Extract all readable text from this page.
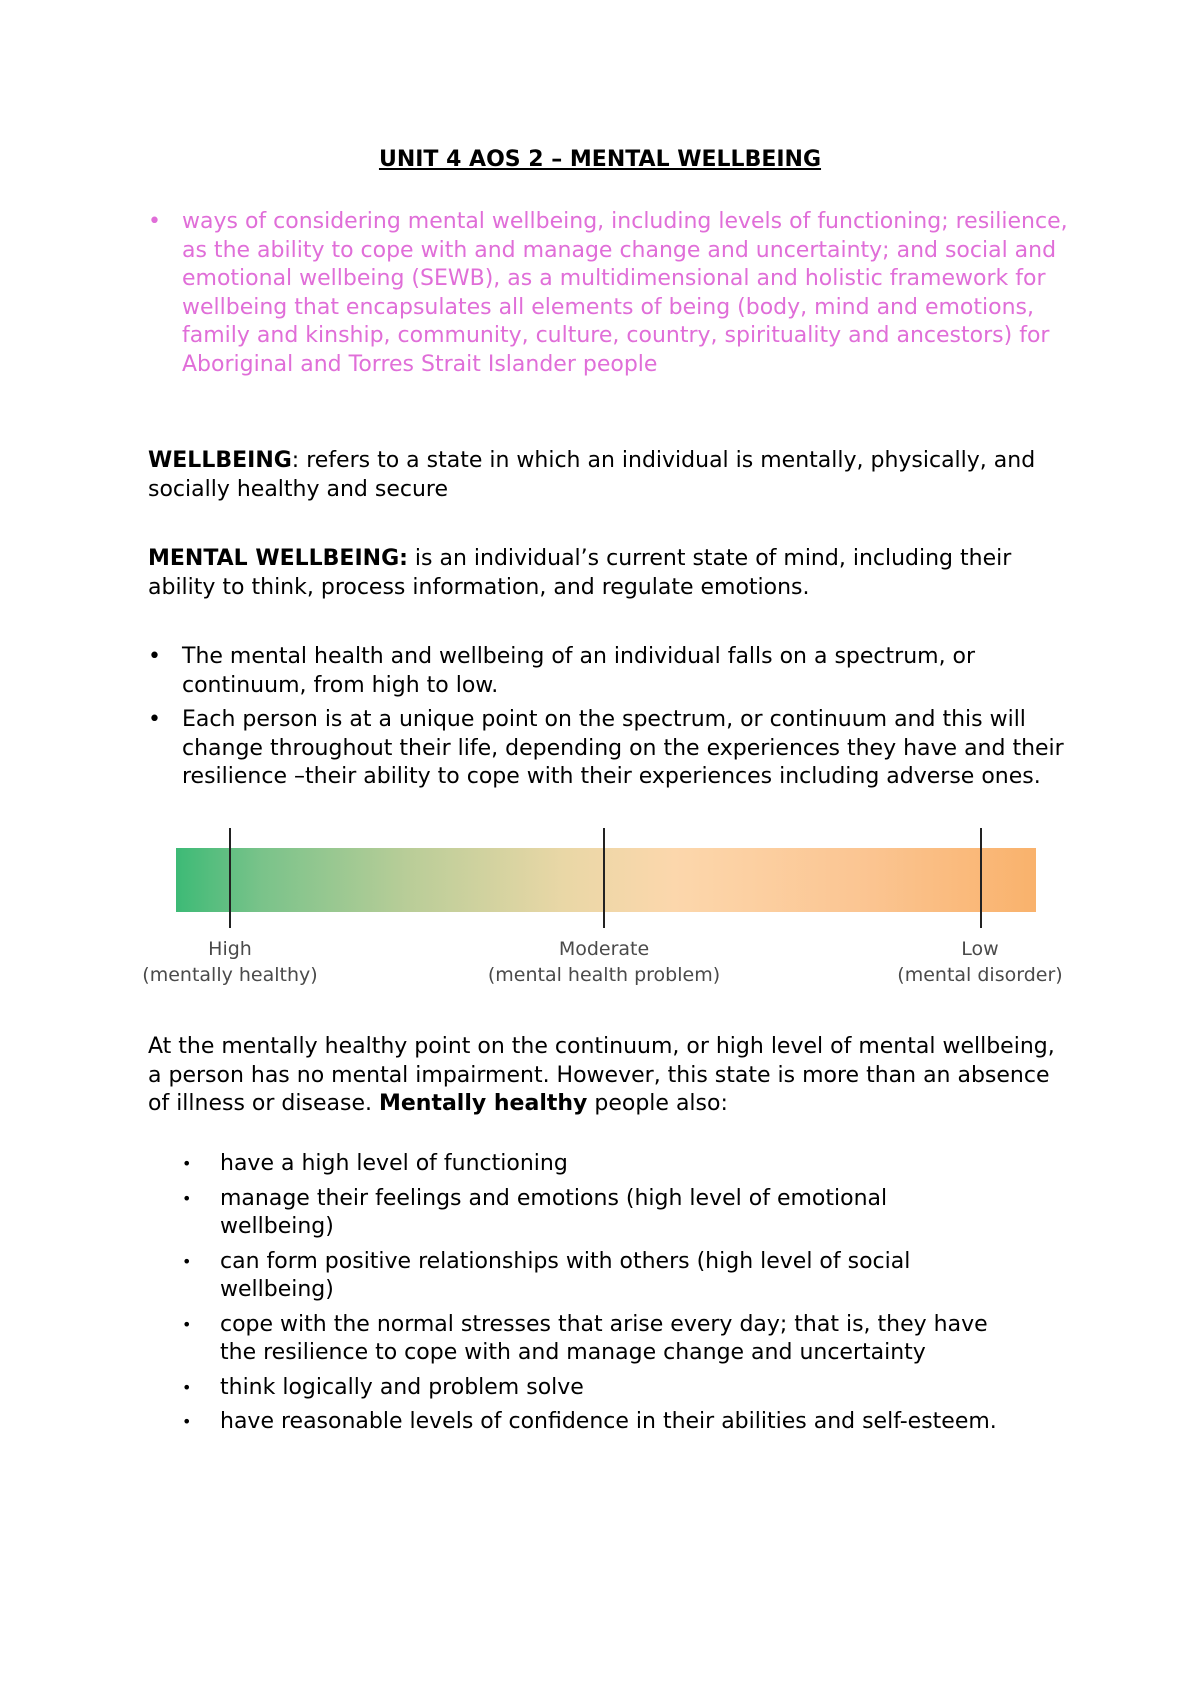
UNIT 4 AOS 2 – MENTAL WELLBEING
• ways of considering mental wellbeing, including levels of functioning; resilience, as the ability to cope with and manage change and uncertainty; and social and emotional wellbeing (SEWB), as a multidimensional and holistic framework for wellbeing that encapsulates all elements of being (body, mind and emotions, family and kinship, community, culture, country, spirituality and ancestors) for Aboriginal and Torres Strait Islander people

WELLBEING: refers to a state in which an individual is mentally, physically, and socially healthy and secure

MENTAL WELLBEING: is an individual’s current state of mind, including their ability to think, process information, and regulate emotions.

• The mental health and wellbeing of an individual falls on a spectrum, or continuum, from high to low.
• Each person is at a unique point on the spectrum, or continuum and this will change throughout their life, depending on the experiences they have and their resilience –their ability to cope with their experiences including adverse ones.
High
(mentally healthy)
Moderate
(mental health problem)
Low
(mental disorder)

At the mentally healthy point on the continuum, or high level of mental wellbeing, a person has no mental impairment. However, this state is more than an absence of illness or disease. Mentally healthy people also:

• have a high level of functioning
• manage their feelings and emotions (high level of emotional wellbeing)
• can form positive relationships with others (high level of social wellbeing)
• cope with the normal stresses that arise every day; that is, they have the resilience to cope with and manage change and uncertainty
• think logically and problem solve
• have reasonable levels of confidence in their abilities and self-esteem.
